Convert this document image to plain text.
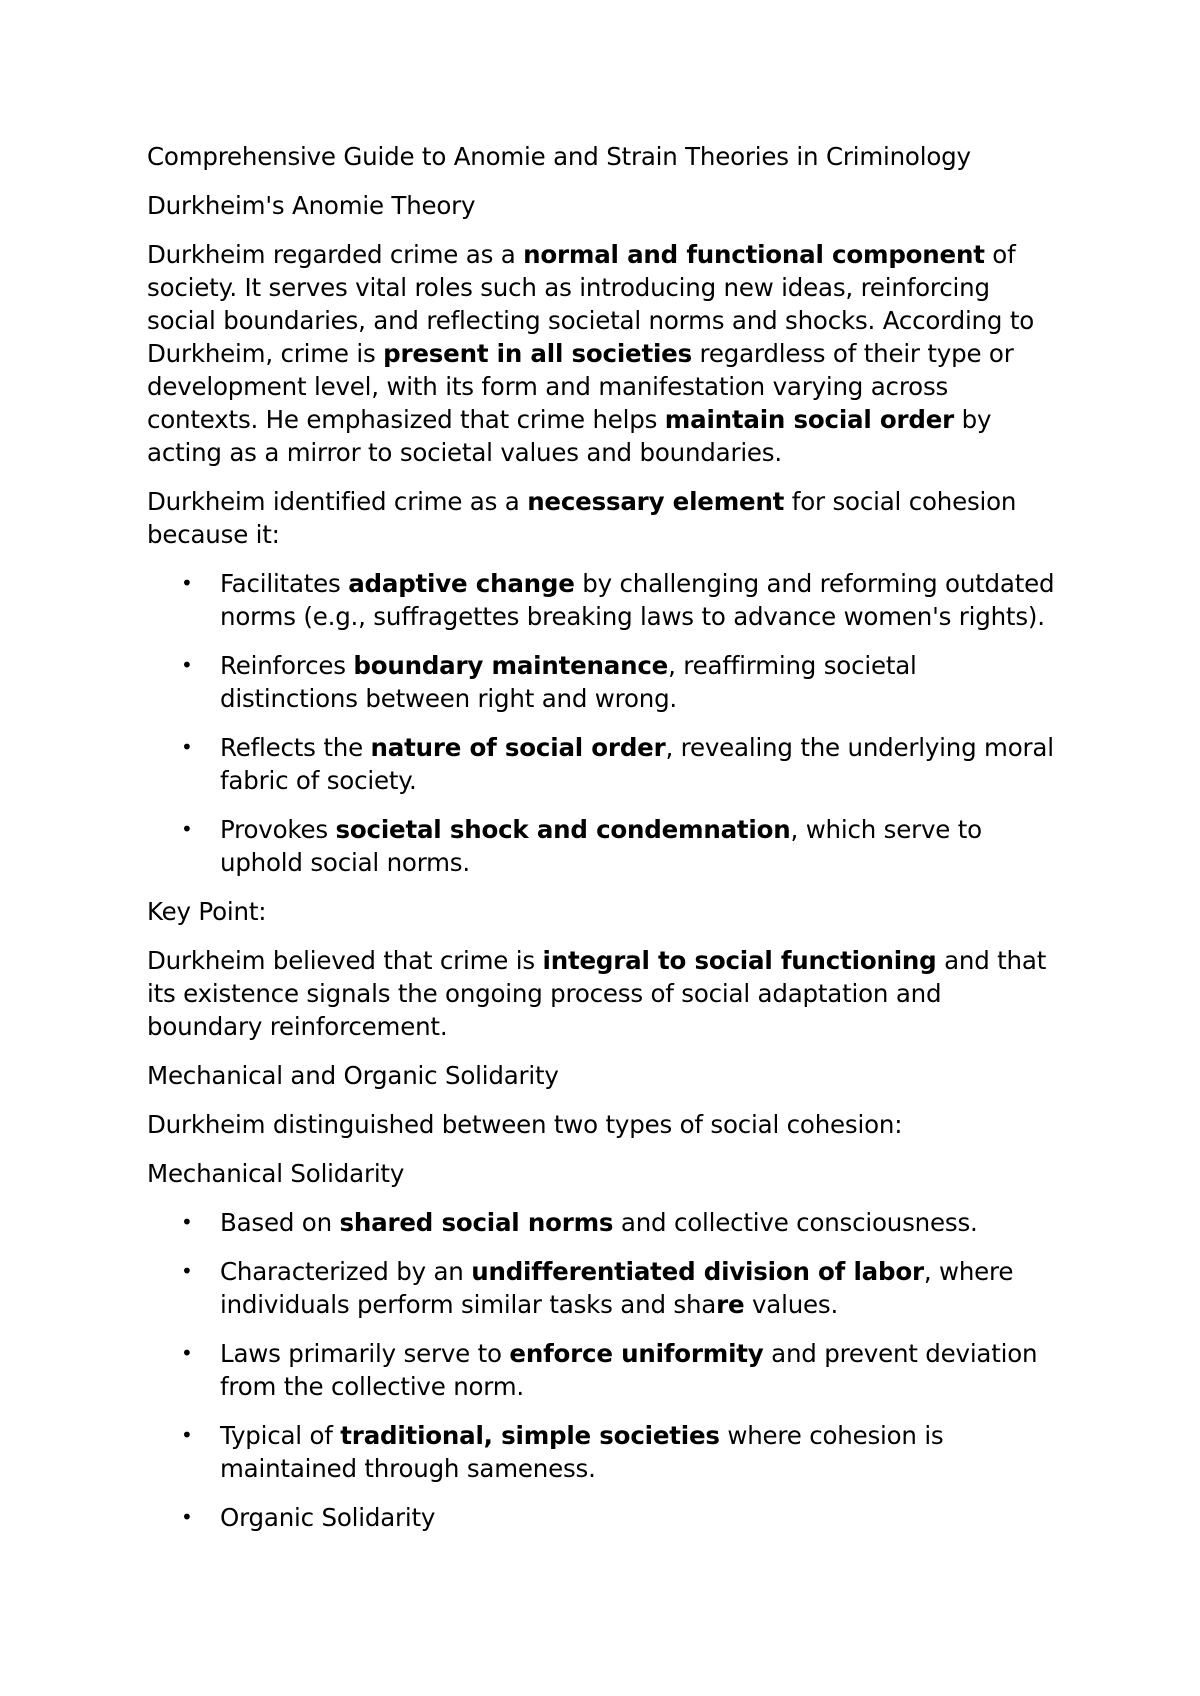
Comprehensive Guide to Anomie and Strain Theories in Criminology
Durkheim's Anomie Theory
Durkheim regarded crime as a normal and functional component of
society. It serves vital roles such as introducing new ideas, reinforcing
social boundaries, and reflecting societal norms and shocks. According to
Durkheim, crime is present in all societies regardless of their type or
development level, with its form and manifestation varying across
contexts. He emphasized that crime helps maintain social order by
acting as a mirror to societal values and boundaries.
Durkheim identified crime as a necessary element for social cohesion
because it:
• Facilitates adaptive change by challenging and reforming outdated
norms (e.g., suffragettes breaking laws to advance women's rights).
• Reinforces boundary maintenance, reaffirming societal
distinctions between right and wrong.
• Reflects the nature of social order, revealing the underlying moral
fabric of society.
• Provokes societal shock and condemnation, which serve to
uphold social norms.
Key Point:
Durkheim believed that crime is integral to social functioning and that
its existence signals the ongoing process of social adaptation and
boundary reinforcement.
Mechanical and Organic Solidarity
Durkheim distinguished between two types of social cohesion:
Mechanical Solidarity
• Based on shared social norms and collective consciousness.
• Characterized by an undifferentiated division of labor, where
individuals perform similar tasks and share values.
• Laws primarily serve to enforce uniformity and prevent deviation
from the collective norm.
• Typical of traditional, simple societies where cohesion is
maintained through sameness.
• Organic Solidarity
